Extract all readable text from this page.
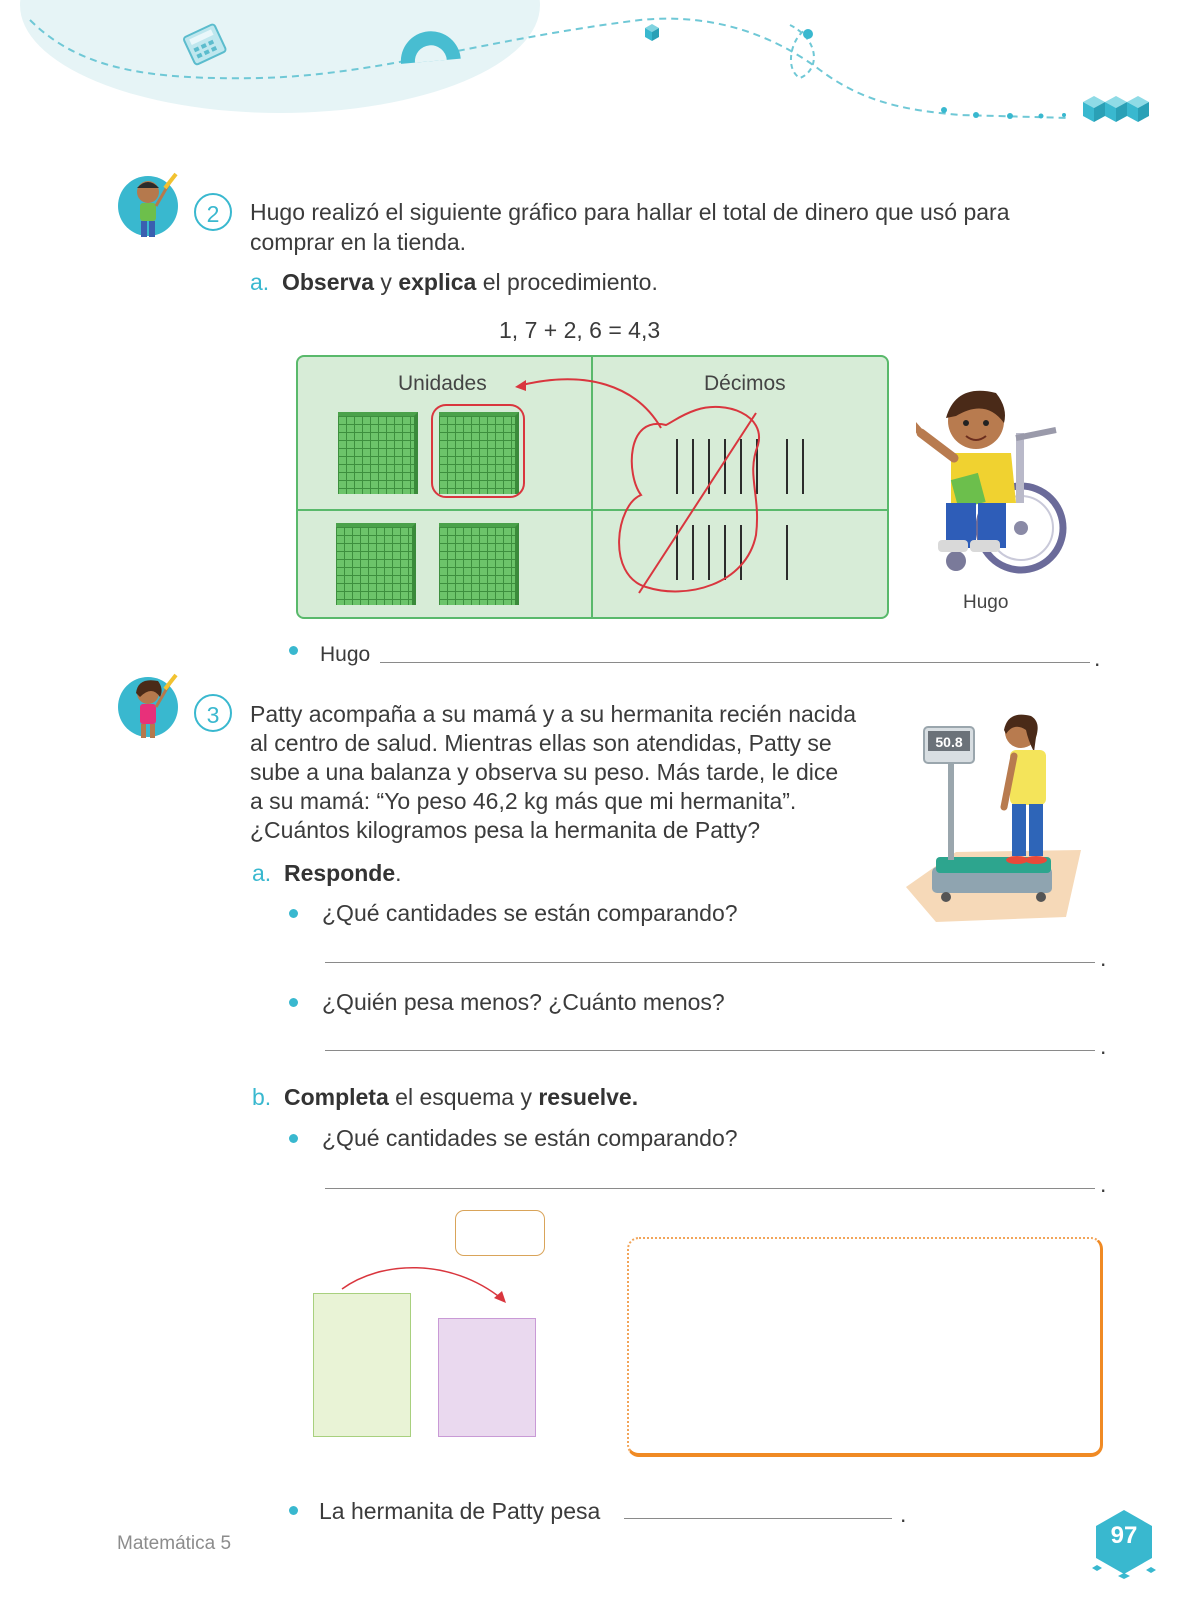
2	Hugo realizó el siguiente gráfico para hallar el total de dinero que usó para
comprar en la tienda.
a. Observa y explica el procedimiento.
1, 7 + 2, 6 = 4,3
Unidades	Décimos
Hugo
Hugo	.
3	Patty acompaña a su mamá y a su hermanita recién nacida
al centro de salud. Mientras ellas son atendidas, Patty se
sube a una balanza y observa su peso. Más tarde, le dice
a su mamá: “Yo peso 46,2 kg más que mi hermanita”.
¿Cuántos kilogramos pesa la hermanita de Patty?
50.8
a. Responde.
¿Qué cantidades se están comparando?
.
¿Quién pesa menos? ¿Cuánto menos?
.
b. Completa el esquema y resuelve.
¿Qué cantidades se están comparando?
.
La hermanita de Patty pesa	.
Matemática 5	97
